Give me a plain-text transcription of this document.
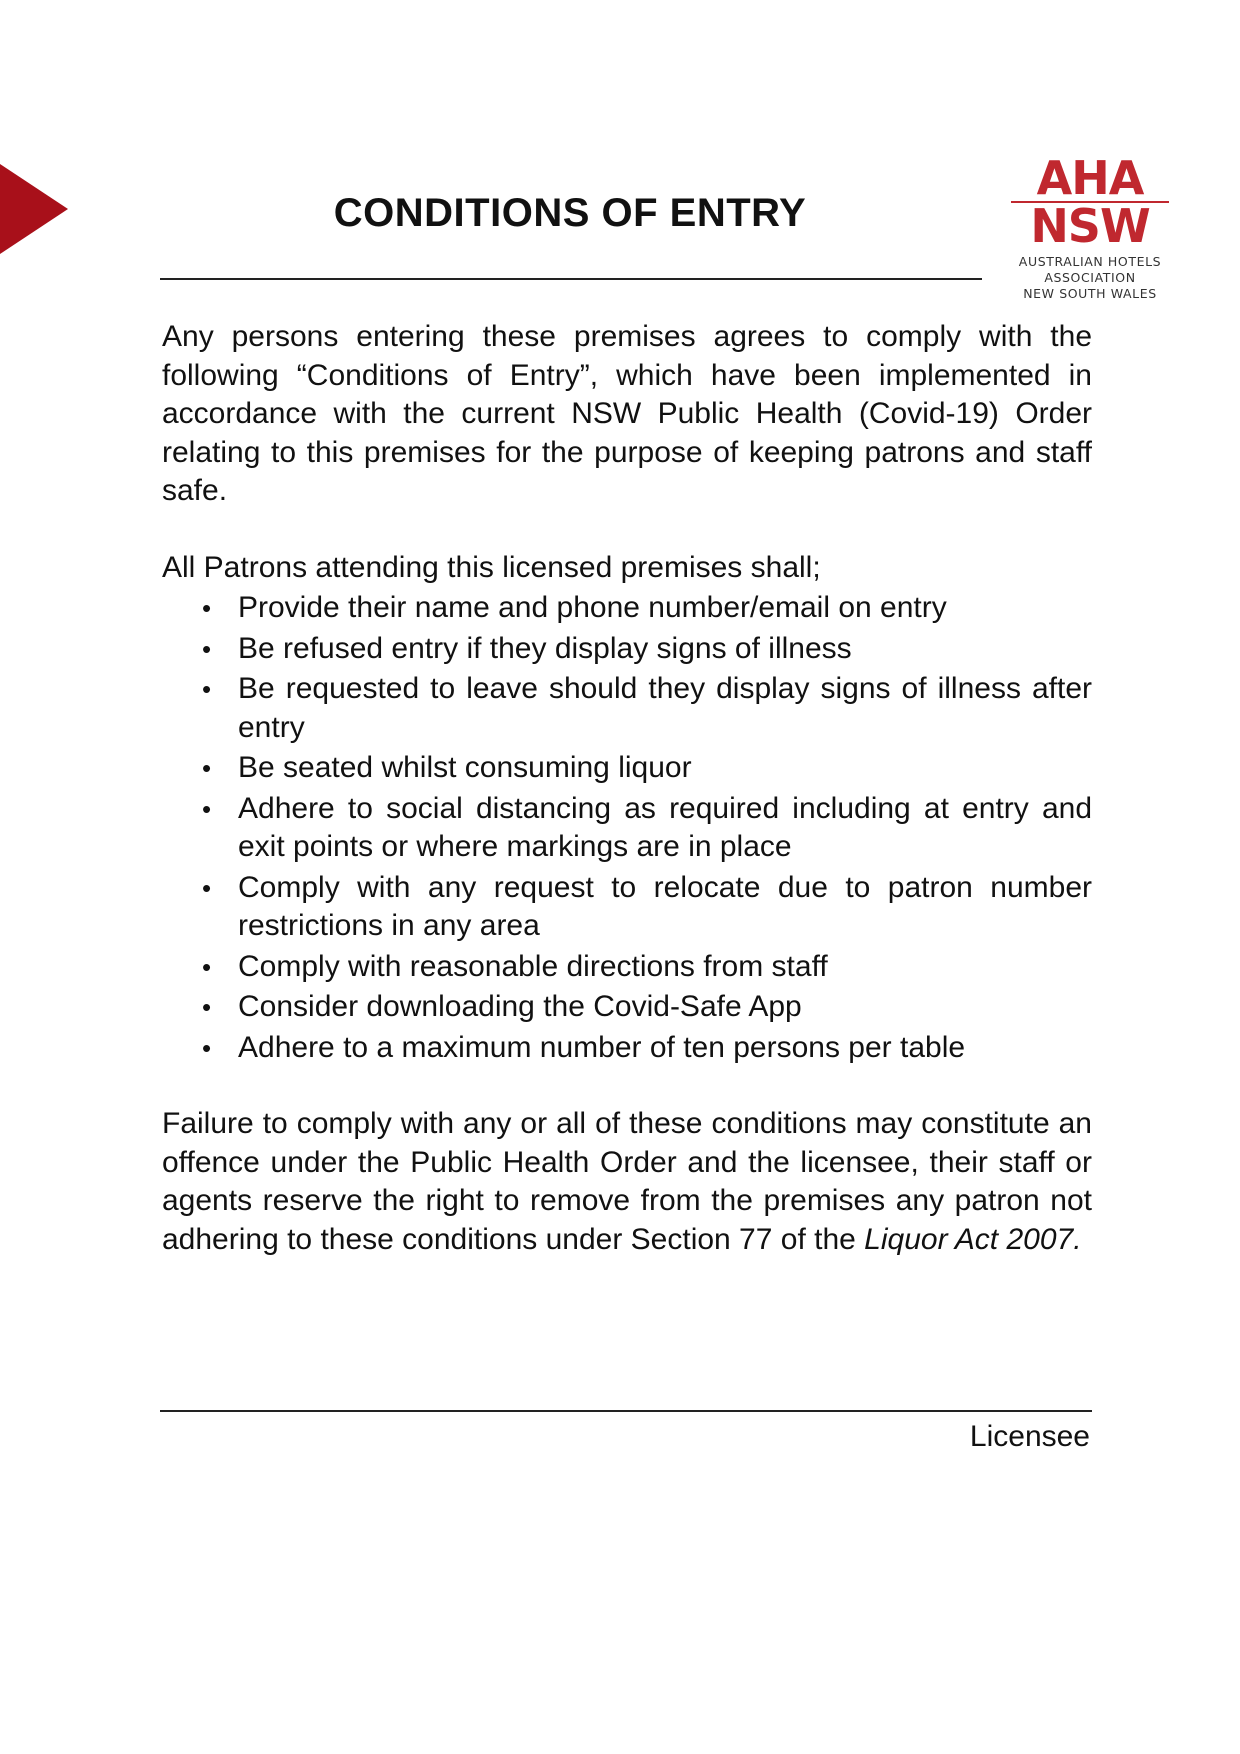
CONDITIONS OF ENTRY
AHA
NSW
AUSTRALIAN HOTELS
ASSOCIATION
NEW SOUTH WALES

Any persons entering these premises agrees to comply with the following “Conditions of Entry”, which have been implemented in accordance with the current NSW Public Health (Covid-19) Order relating to this premises for the purpose of keeping patrons and staff safe.

All Patrons attending this licensed premises shall;

• Provide their name and phone number/email on entry
• Be refused entry if they display signs of illness
• Be requested to leave should they display signs of illness after entry
• Be seated whilst consuming liquor
• Adhere to social distancing as required including at entry and exit points or where markings are in place
• Comply with any request to relocate due to patron number restrictions in any area
• Comply with reasonable directions from staff
• Consider downloading the Covid-Safe App
• Adhere to a maximum number of ten persons per table

Failure to comply with any or all of these conditions may constitute an offence under the Public Health Order and the licensee, their staff or agents reserve the right to remove from the premises any patron not adhering to these conditions under Section 77 of the Liquor Act 2007.

Licensee
